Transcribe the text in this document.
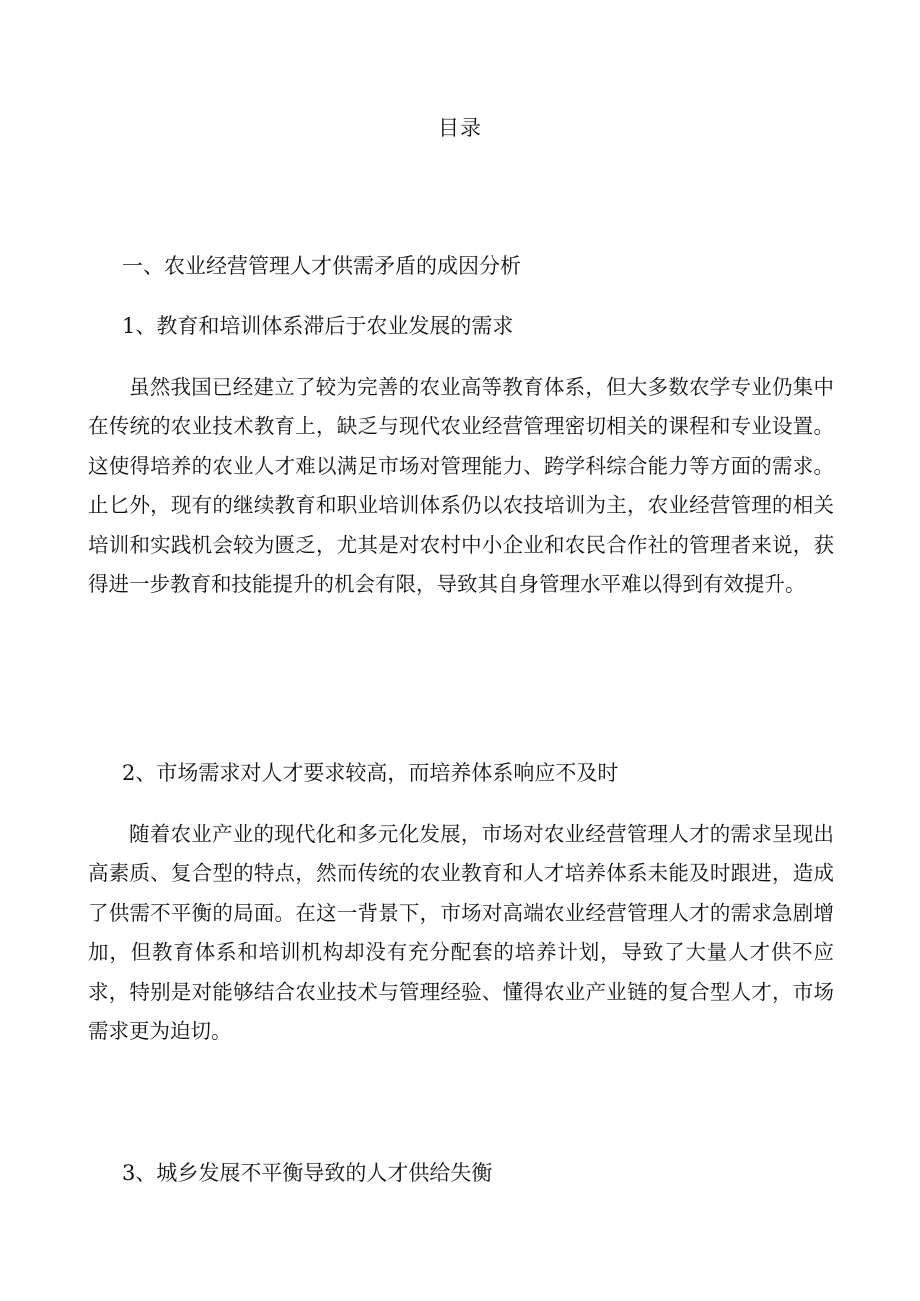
目录
一、农业经营管理人才供需矛盾的成因分析
1、教育和培训体系滞后于农业发展的需求

虽然我国已经建立了较为完善的农业高等教育体系，但大多数农学专业仍集中在传统的农业技术教育上，缺乏与现代农业经营管理密切相关的课程和专业设置。这使得培养的农业人才难以满足市场对管理能力、跨学科综合能力等方面的需求。止匕外，现有的继续教育和职业培训体系仍以农技培训为主，农业经营管理的相关培训和实践机会较为匮乏，尤其是对农村中小企业和农民合作社的管理者来说，获得进一步教育和技能提升的机会有限，导致其自身管理水平难以得到有效提升。

2、市场需求对人才要求较高，而培养体系响应不及时

随着农业产业的现代化和多元化发展，市场对农业经营管理人才的需求呈现出高素质、复合型的特点，然而传统的农业教育和人才培养体系未能及时跟进，造成了供需不平衡的局面。在这一背景下，市场对高端农业经营管理人才的需求急剧增加，但教育体系和培训机构却没有充分配套的培养计划，导致了大量人才供不应求，特别是对能够结合农业技术与管理经验、懂得农业产业链的复合型人才，市场需求更为迫切。

3、城乡发展不平衡导致的人才供给失衡
